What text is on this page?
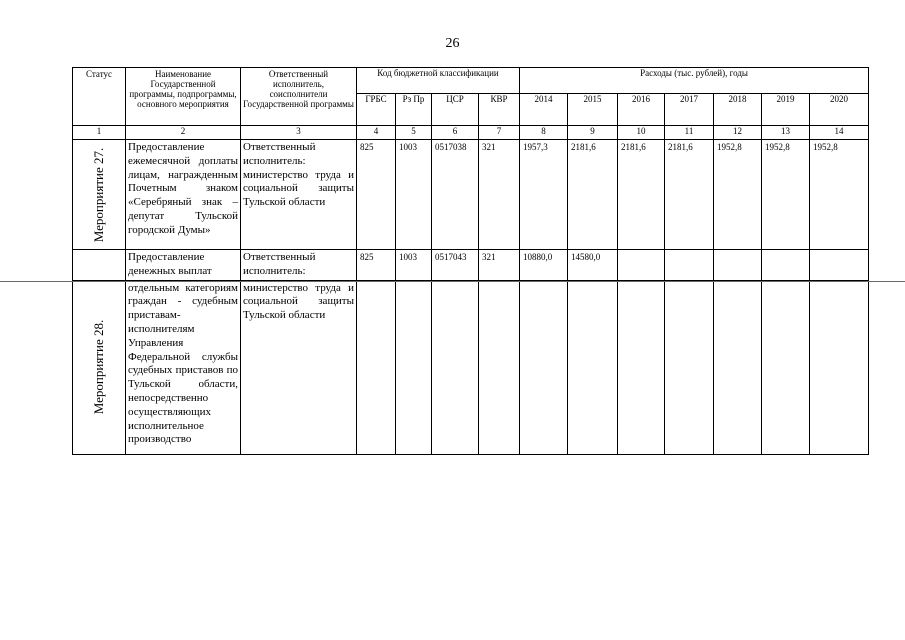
26
Статус	Наименование Государственной программы, подпрограммы, основного мероприятия	Ответственный исполнитель, соисполнители Государственной программы	Код бюджетной классификации				Расходы (тыс. рублей), годы						
			ГРБС	Рз Пр	ЦСР	КВР	2014	2015	2016	2017	2018	2019	2020
1	2	3	4	5	6	7	8	9	10	11	12	13	14

Мероприятие 27.	Предоставление ежемесячной доплаты лицам, награжденным Почетным знаком «Серебряный знак – депутат Тульской городской Думы»	Ответственный исполнитель: министерство труда и социальной защиты Тульской области	825	1003	0517038	321	1957,3	2181,6	2181,6	2181,6	1952,8	1952,8	1952,8
	Предоставление денежных выплат	Ответственный исполнитель:	825	1003	0517043	321	10880,0	14580,0					

Мероприятие 28.	отдельным категориям граждан - судебным приставам-исполнителям Управления Федеральной службы судебных приставов по Тульской области, непосредственно осуществляющих исполнительное производство	министерство труда и социальной защиты Тульской области											
